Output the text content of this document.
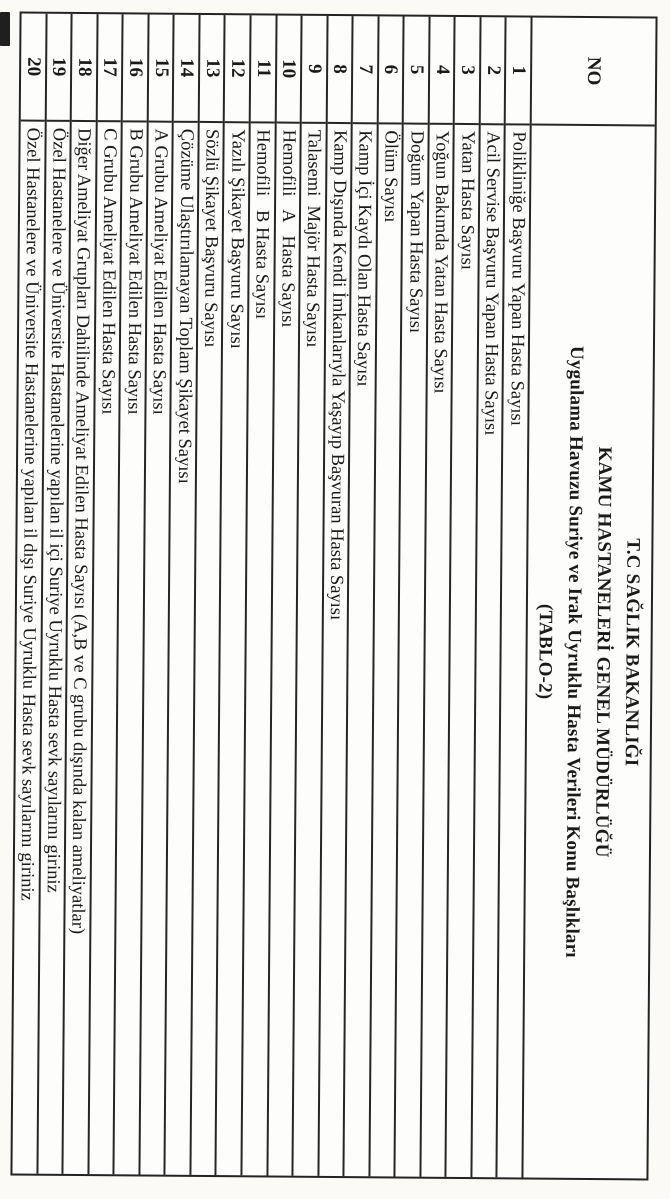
NO
T.C SAĞLIK BAKANLIĞI
KAMU HASTANELERİ GENEL MÜDÜRLÜĞÜ
Uygulama Havuzu Suriye ve Irak Uyruklu Hasta Verileri Konu Başlıkları
(TABLO-2)
1
Polikliniğe Başvuru Yapan Hasta Sayısı
2
Acil Servise Başvuru Yapan Hasta Sayısı
3
Yatan Hasta Sayısı
4
Yoğun Bakımda Yatan Hasta Sayısı
5
Doğum Yapan Hasta Sayısı
6
Ölüm Sayısı
7
Kamp İçi Kaydı Olan Hasta Sayısı
8
Kamp Dışında Kendi İmkanlarıyla Yaşayıp Başvuran Hasta Sayısı
9
Talasemi  Majör Hasta Sayısı
10
Hemofili   A   Hasta Sayısı
11
Hemofili   B Hasta Sayısı
12
Yazılı Şikayet Başvuru Sayısı
13
Sözlü Şikayet Başvuru Sayısı
14
Çözüme Ulaştırılamayan Toplam Şikayet Sayısı
15
A Grubu Ameliyat Edilen Hasta Sayısı
16
B Grubu Ameliyat Edilen Hasta Sayısı
17
C Grubu Ameliyat Edilen Hasta Sayısı
18
Diğer Ameliyat Grupları Dahilinde Ameliyat Edilen Hasta Sayısı (A,B ve C grubu dışında kalan ameliyatlar)
19
Özel Hastanelere ve Üniversite Hastanelerine yapılan il içi Suriye Uyruklu Hasta sevk sayılarını giriniz
20
Özel Hastanelere ve Üniversite Hastanelerine yapılan il dışı Suriye Uyruklu Hasta sevk sayılarını giriniz
